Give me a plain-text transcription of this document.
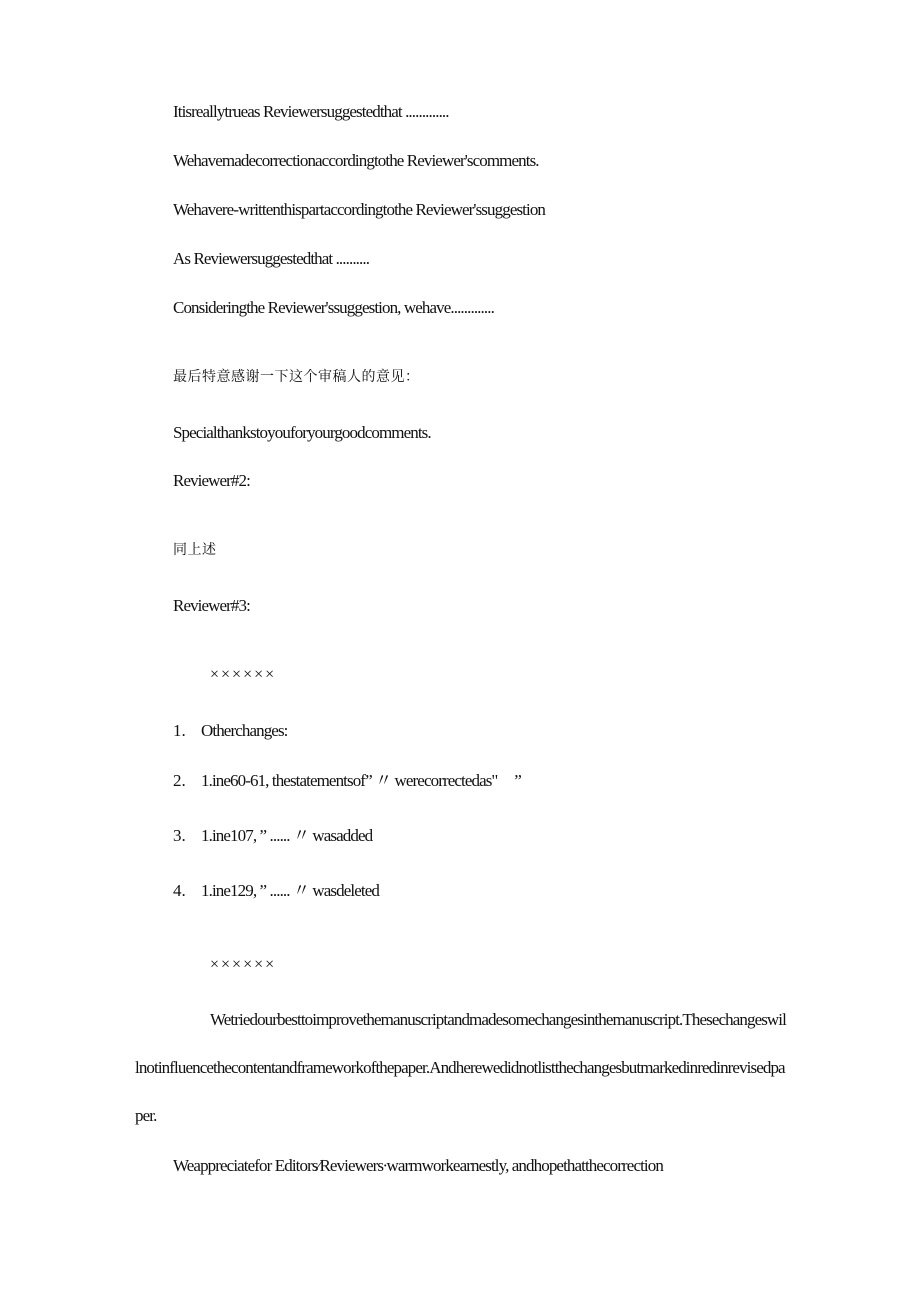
Itisreallytrueas Reviewersuggestedthat .............
Wehavemadecorrectionaccordingtothe Reviewer'scomments.
Wehavere-writtenthispartaccordingtothe Reviewer'ssuggestion
As Reviewersuggestedthat ..........
Consideringthe Reviewer'ssuggestion, wehave.............
最后特意感谢一下这个审稿人的意见：
Specialthankstoyouforyourgoodcomments.
Reviewer#2:
同上述
Reviewer#3:
××××××
1. Otherchanges:
2. 1.ine60-61, thestatementsof” 〃 werecorrectedas"     ”
3. 1.ine107, ” ...... 〃 wasadded
4. 1.ine129, ” ...... 〃 wasdeleted
××××××
Wetriedourbesttoimprovethemanuscriptandmadesomechangesinthemanuscript.Thesechangeswillnotinfluencethecontentandframeworkofthepaper.Andherewedidnotlistthechangesbutmarkedinredinrevisedpaper.
Weappreciatefor Editors∕Reviewers∙warmworkearnestly, andhopethatthecorrection
